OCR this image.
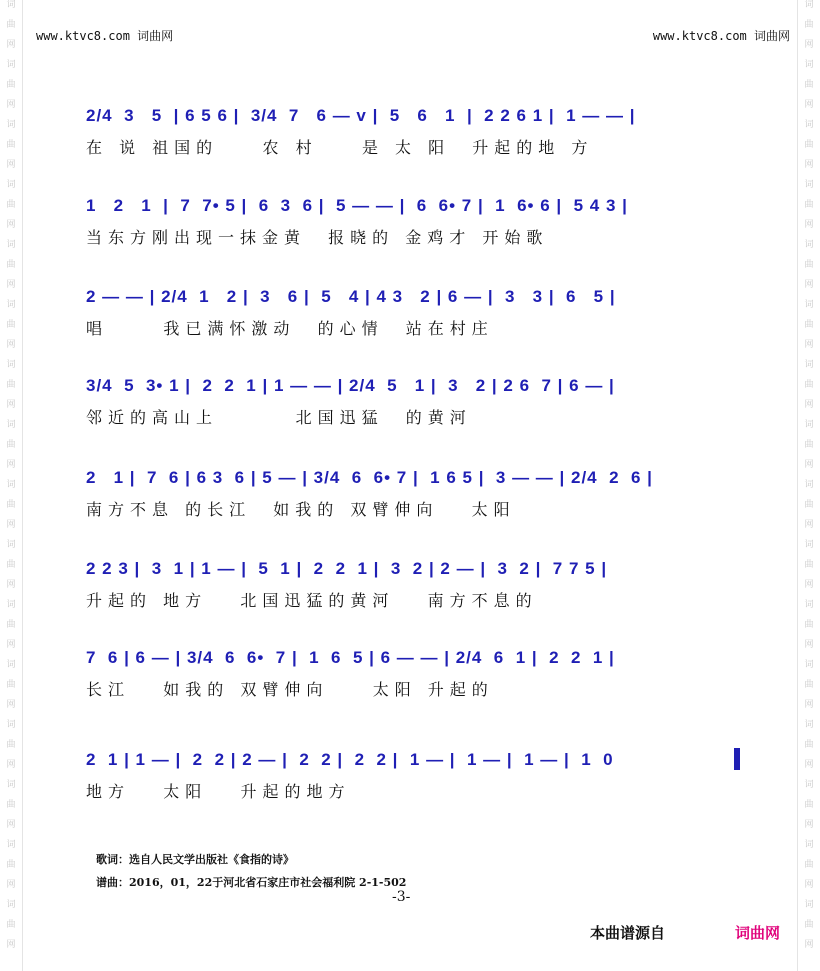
词
曲
网
词
曲
网
词
曲
网
词
曲
网
词
曲
网
词
曲
网
词
曲
网
词
曲
网
词
曲
网
词
曲
网
词
曲
网
词
曲
网
词
曲
网
词
曲
网
词
曲
网
词
曲
网
词
曲
网
词
曲
网
词
曲
网
词
曲
网
词
曲
网
词
曲
网
词
曲
网
词
曲
网
词
曲
网
词
曲
网
词
曲
网
词
曲
网
词
曲
网
词
曲
网
词
曲
网
词
曲
网
www.ktvc8.com 词曲网	www.ktvc8.com 词曲网
2/4  3   5  | 6 5 6 |  3/4  7   6 — v |  5   6   1  |  2 2 6 1 |  1 — — |
在 说 祖国的    农 村    是 太 阳  升起的地 方
1   2   1  |  7  7• 5 |  6  3  6 |  5 — — |  6  6• 7 |  1  6• 6 |  5 4 3 |
当东方刚出现一抹金黄  报晓的 金鸡才 开始歌
2 — — | 2/4  1   2 |  3   6 |  5   4 | 4 3   2 | 6 — |  3   3 |  6   5 |
唱     我已满怀激动  的心情  站在村庄
3/4  5  3• 1 |  2  2  1 | 1 — — | 2/4  5   1 |  3   2 | 2 6  7 | 6 — |
邻近的高山上       北国迅猛  的黄河
2   1 |  7  6 | 6 3  6 | 5 — | 3/4  6  6• 7 |  1 6 5 |  3 — — | 2/4  2  6 |
南方不息 的长江  如我的 双臂伸向   太阳
2 2 3 |  3  1 | 1 — |  5  1 |  2  2  1 |  3  2 | 2 — |  3  2 |  7 7 5 |
升起的 地方   北国迅猛的黄河   南方不息的
7  6 | 6 — | 3/4  6  6•  7 |  1  6  5 | 6 — — | 2/4  6  1 |  2  2  1 |
长江   如我的 双臂伸向    太阳 升起的
2  1 | 1 — |  2  2 | 2 — |  2  2 |  2  2 |  1 — |  1 — |  1 — |  1  0
地方   太阳   升起的地方
歌词：选自人民文学出版社《食指的诗》
谱曲：2016，01，22于河北省石家庄市社会福利院 2-1-502
-3-
本曲谱源自	词曲网
